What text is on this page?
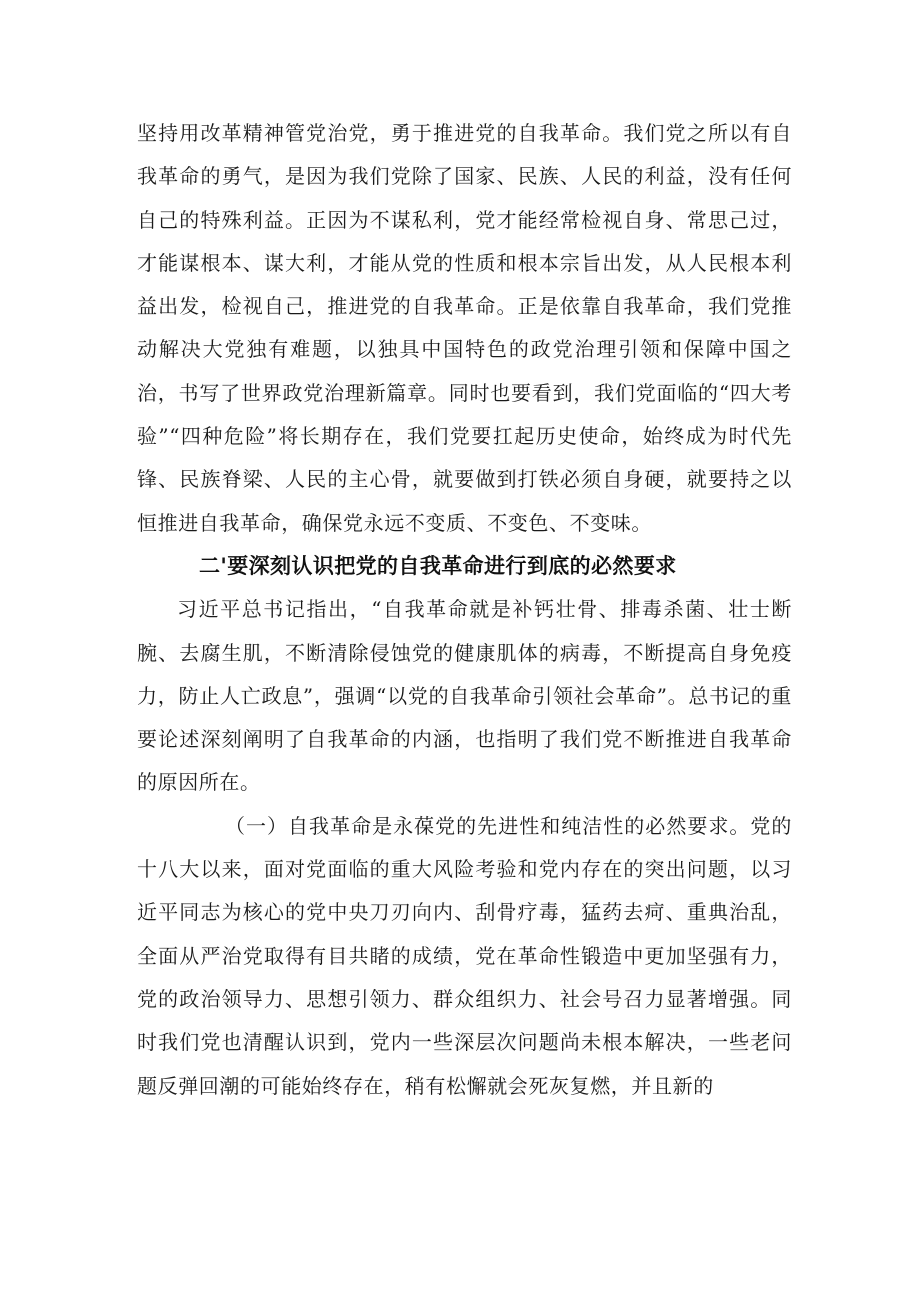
坚持用改革精神管党治党，勇于推进党的自我革命。我们党之所以有自我革命的勇气，是因为我们党除了国家、民族、人民的利益，没有任何自己的特殊利益。正因为不谋私利，党才能经常检视自身、常思己过，才能谋根本、谋大利，才能从党的性质和根本宗旨出发，从人民根本利益出发，检视自己，推进党的自我革命。正是依靠自我革命，我们党推动解决大党独有难题，以独具中国特色的政党治理引领和保障中国之治，书写了世界政党治理新篇章。同时也要看到，我们党面临的“四大考验”“四种危险”将长期存在，我们党要扛起历史使命，始终成为时代先锋、民族脊梁、人民的主心骨，就要做到打铁必须自身硬，就要持之以恒推进自我革命，确保党永远不变质、不变色、不变味。

二'要深刻认识把党的自我革命进行到底的必然要求

习近平总书记指出，“自我革命就是补钙壮骨、排毒杀菌、壮士断腕、去腐生肌，不断清除侵蚀党的健康肌体的病毒，不断提高自身免疫力，防止人亡政息”，强调“以党的自我革命引领社会革命”。总书记的重要论述深刻阐明了自我革命的内涵，也指明了我们党不断推进自我革命的原因所在。

（一）自我革命是永葆党的先进性和纯洁性的必然要求。党的十八大以来，面对党面临的重大风险考验和党内存在的突出问题，以习近平同志为核心的党中央刀刃向内、刮骨疗毒，猛药去疴、重典治乱，全面从严治党取得有目共睹的成绩，党在革命性锻造中更加坚强有力，党的政治领导力、思想引领力、群众组织力、社会号召力显著增强。同时我们党也清醒认识到，党内一些深层次问题尚未根本解决，一些老问题反弹回潮的可能始终存在，稍有松懈就会死灰复燃，并且新的
